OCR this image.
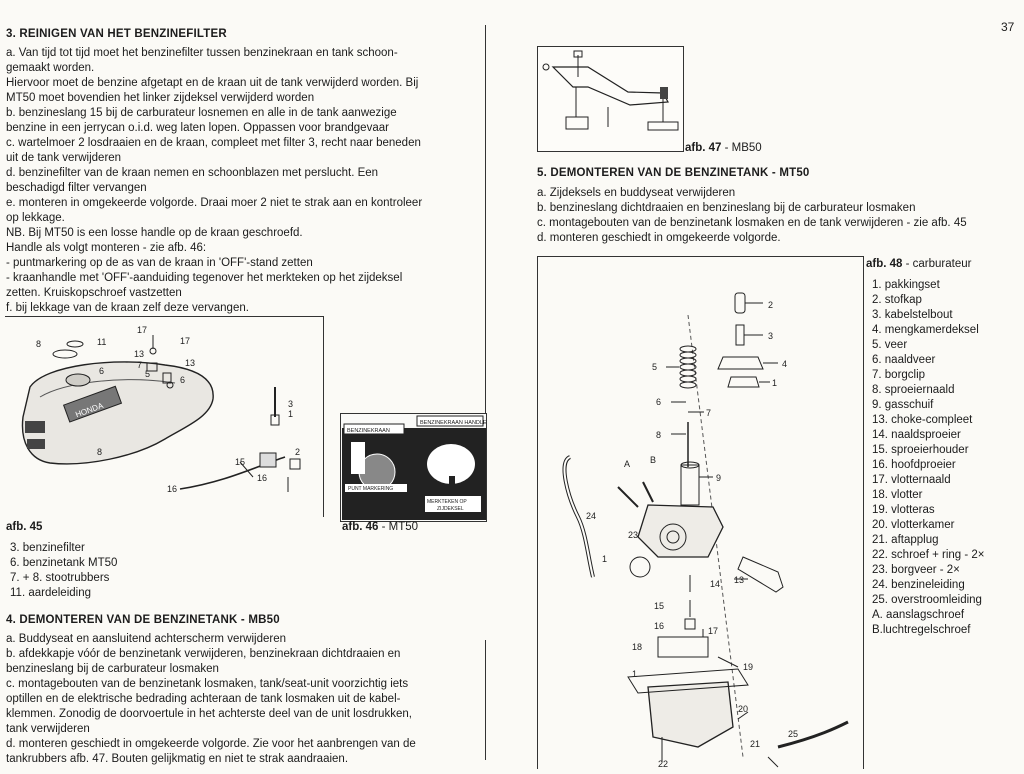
37
3. REINIGEN VAN HET BENZINEFILTER
a. Van tijd tot tijd moet het benzinefilter tussen benzinekraan en tank schoon-
gemaakt worden.
Hiervoor moet de benzine afgetapt en de kraan uit de tank verwijderd worden. Bij
MT50 moet bovendien het linker zijdeksel verwijderd worden
b. benzineslang 15 bij de carburateur losnemen en alle in de tank aanwezige
benzine in een jerrycan o.i.d. weg laten lopen. Oppassen voor brandgevaar
c. wartelmoer 2 losdraaien en de kraan, compleet met filter 3, recht naar beneden
uit de tank verwijderen
d. benzinefilter van de kraan nemen en schoonblazen met perslucht. Een
beschadigd filter vervangen
e. monteren in omgekeerde volgorde. Draai moer 2 niet te strak aan en kontroleer
op lekkage.
NB. Bij MT50 is een losse handle op de kraan geschroefd.
Handle als volgt monteren - zie afb. 46:
- puntmarkering op de as van de kraan in 'OFF'-stand zetten
- kraanhandle met 'OFF'-aanduiding tegenover het merkteken op het zijdeksel
zetten. Kruiskopschroef vastzetten
f. bij lekkage van de kraan zelf deze vervangen.
HONDA
8
17
17
11
13
13
7
5
6
6
3
1
2
15
16
16
8
BENZINEKRAAN
BENZINEKRAAN HANDLE
PUNT MARKERING
MERKTEKEN OP
ZIJDEKSEL
afb. 45	afb. 46 - MT50
3. benzinefilter
6. benzinetank MT50
7. + 8. stootrubbers
11. aardeleiding
4. DEMONTEREN VAN DE BENZINETANK - MB50
a. Buddyseat en aansluitend achterscherm verwijderen
b. afdekkapje vóór de benzinetank verwijderen, benzinekraan dichtdraaien en
benzineslang bij de carburateur losmaken
c. montagebouten van de benzinetank losmaken, tank/seat-unit voorzichtig iets
optillen en de elektrische bedrading achteraan de tank losmaken uit de kabel-
klemmen. Zonodig de doorvoertule in het achterste deel van de unit losdrukken,
tank verwijderen
d. monteren geschiedt in omgekeerde volgorde. Zie voor het aanbrengen van de
tankrubbers afb. 47. Bouten gelijkmatig en niet te strak aandraaien.
afb. 47 - MB50
5. DEMONTEREN VAN DE BENZINETANK - MT50
a. Zijdeksels en buddyseat verwijderen
b. benzineslang dichtdraaien en benzineslang bij de carburateur losmaken
c. montagebouten van de benzinetank losmaken en de tank verwijderen - zie afb. 45
d. monteren geschiedt in omgekeerde volgorde.
2
3
4
1
5
6
7
8
A B
9
24
23
1
14 13
15
16	17
18
19
1
20
21
25
22
afb. 48 - carburateur
1. pakkingset
2. stofkap
3. kabelstelbout
4. mengkamerdeksel
5. veer
6. naaldveer
7. borgclip
8. sproeiernaald
9. gasschuif
13. choke-compleet
14. naaldsproeier
15. sproeierhouder
16. hoofdproeier
17. vlotternaald
18. vlotter
19. vlotteras
20. vlotterkamer
21. aftapplug
22. schroef + ring - 2×
23. borgveer - 2×
24. benzineleiding
25. overstroomleiding
A. aanslagschroef
B.luchtregelschroef
